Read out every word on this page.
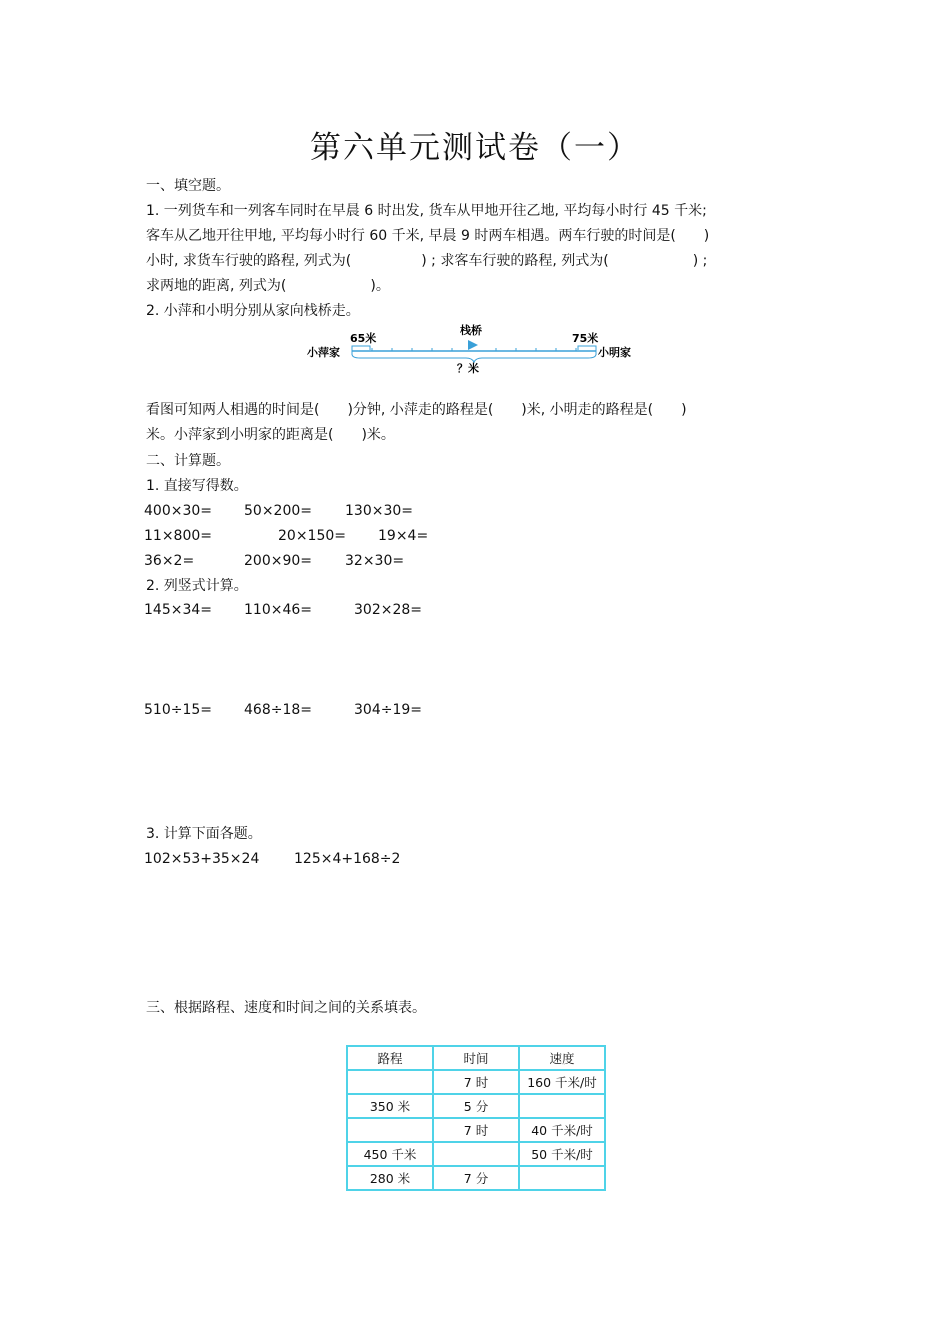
第六单元测试卷（一）
一、填空题。
1. 一列货车和一列客车同时在早晨 6 时出发, 货车从甲地开往乙地, 平均每小时行 45 千米;
客车从乙地开往甲地, 平均每小时行 60 千米, 早晨 9 时两车相遇。两车行驶的时间是(　　)
小时, 求货车行驶的路程, 列式为(　　　　　) ; 求客车行驶的路程, 列式为(　　　　　　) ;
求两地的距离, 列式为(　　　　　　)。
2. 小萍和小明分别从家向栈桥走。
栈桥
65米	75米
小萍家	小明家
？米
看图可知两人相遇的时间是(　　)分钟, 小萍走的路程是(　　)米, 小明走的路程是(　　)
米。小萍家到小明家的距离是(　　)米。
二、计算题。
1. 直接写得数。
400×30= 50×200= 130×30=
11×800=	20×150= 19×4=
36×2=	200×90= 32×30=
2. 列竖式计算。
145×34= 110×46=	302×28=
510÷15= 468÷18=	304÷19=
3. 计算下面各题。
102×53+35×24 125×4+168÷2
三、根据路程、速度和时间之间的关系填表。
路程	时间	速度
	7 时	160 千米/时
350 米	5 分	
	7 时	40 千米/时
450 千米		50 千米/时
280 米	7 分	
